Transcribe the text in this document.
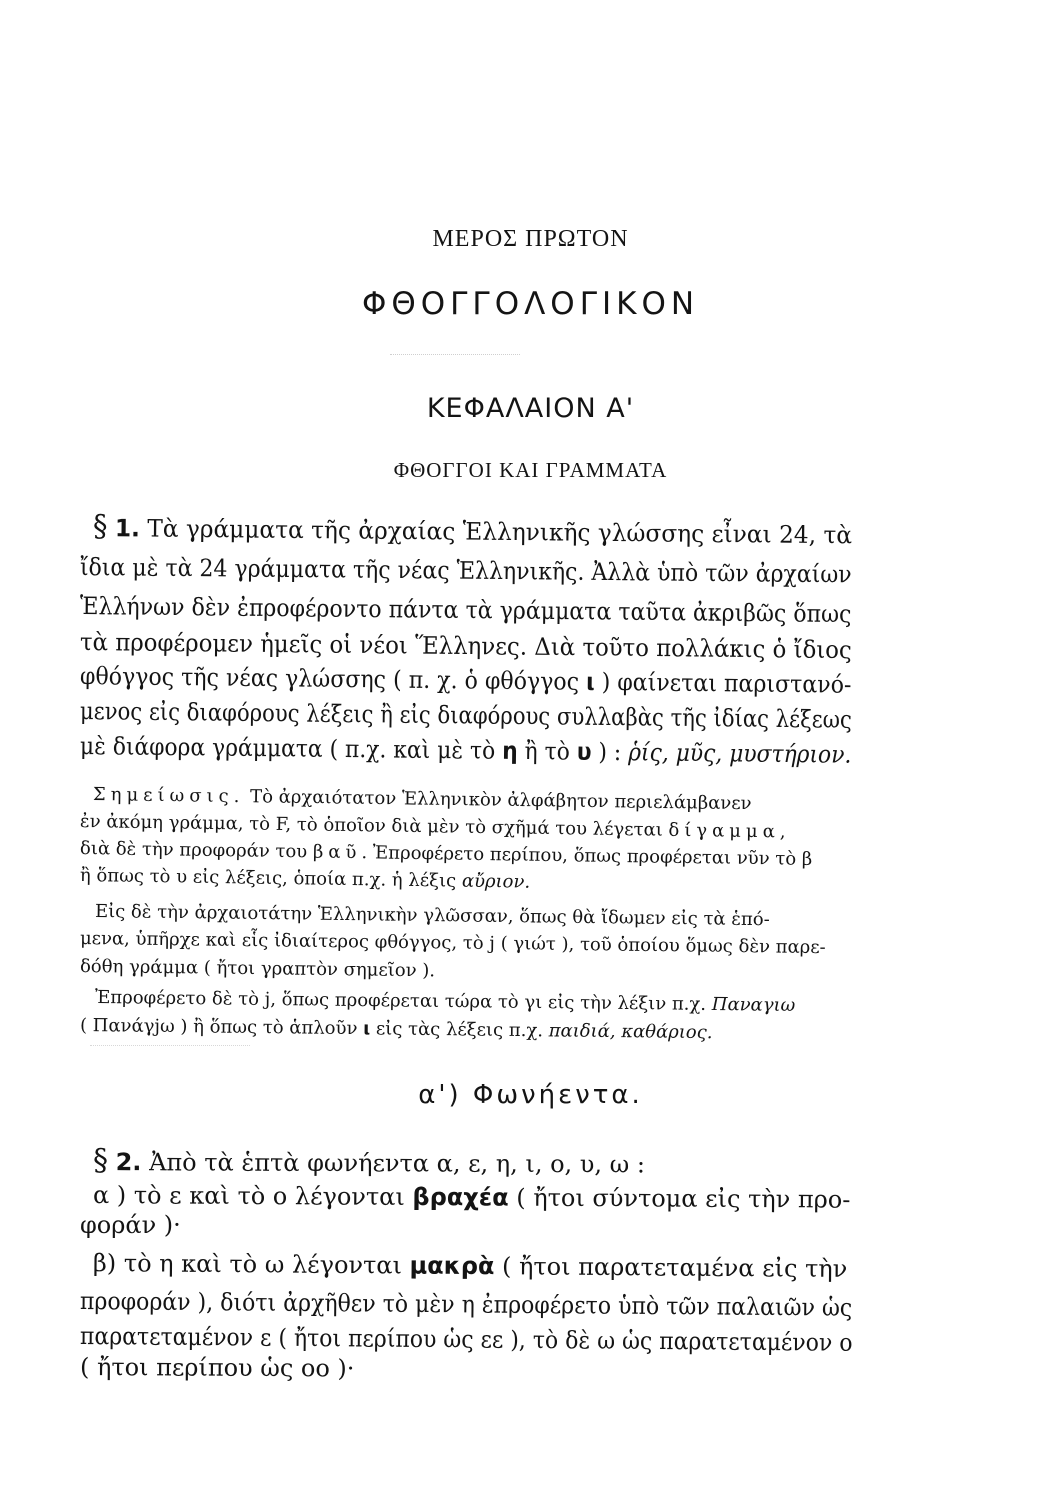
ΜΕΡΟΣ ΠΡΩΤΟΝ
ΦΘΟΓΓΟΛΟΓΙΚΟΝ
ΚΕΦΑΛΑΙΟΝ Α'
ΦΘΟΓΓΟΙ ΚΑΙ ΓΡΑΜΜΑΤΑ
§ 1. Τὰ γράμματα τῆς ἀρχαίας Ἑλληνικῆς γλώσσης εἶναι 24, τὰ
ἴδια μὲ τὰ 24 γράμματα τῆς νέας Ἑλληνικῆς. Ἀλλὰ ὑπὸ τῶν ἀρχαίων
Ἑλλήνων δὲν ἐπροφέροντο πάντα τὰ γράμματα ταῦτα ἀκριβῶς ὅπως
τὰ προφέρομεν ἡμεῖς οἱ νέοι Ἕλληνες. Διὰ τοῦτο πολλάκις ὁ ἴδιος
φθόγγος τῆς νέας γλώσσης ( π. χ. ὁ φθόγγος ι ) φαίνεται παριστανό-
μενος εἰς διαφόρους λέξεις ἢ εἰς διαφόρους συλλαβὰς τῆς ἰδίας λέξεως
μὲ διάφορα γράμματα ( π.χ. καὶ μὲ τὸ η ἢ τὸ υ ) : ῥίς, μῦς, μυστήριον.
Σημείωσις. Τὸ ἀρχαιότατον Ἑλληνικὸν ἀλφάβητον περιελάμβανεν
ἐν ἀκόμη γράμμα, τὸ F, τὸ ὁποῖον διὰ μὲν τὸ σχῆμά του λέγεται δίγαμμα,
διὰ δὲ τὴν προφοράν του βαῦ. Ἐπροφέρετο περίπου, ὅπως προφέρεται νῦν τὸ β
ἢ ὅπως τὸ υ εἰς λέξεις, ὁποία π.χ. ἡ λέξις αὔριον.
Εἰς δὲ τὴν ἀρχαιοτάτην Ἑλληνικὴν γλῶσσαν, ὅπως θὰ ἴδωμεν εἰς τὰ ἑπό-
μενα, ὑπῆρχε καὶ εἷς ἰδιαίτερος φθόγγος, τὸ j ( γιώτ ), τοῦ ὁποίου ὅμως δὲν παρε-
δόθη γράμμα ( ἤτοι γραπτὸν σημεῖον ).
Ἐπροφέρετο δὲ τὸ j, ὅπως προφέρεται τώρα τὸ γι εἰς τὴν λέξιν π.χ. Παναγιω
( Πανάγjω ) ἢ ὅπως τὸ ἁπλοῦν ι εἰς τὰς λέξεις π.χ. παιδιά, καθάριος.
α') Φωνήεντα.
§ 2. Ἀπὸ τὰ ἑπτὰ φωνήεντα α, ε, η, ι, ο, υ, ω :
α ) τὸ ε καὶ τὸ ο λέγονται βραχέα ( ἤτοι σύντομα εἰς τὴν προ-
φοράν )·
β) τὸ η καὶ τὸ ω λέγονται μακρὰ ( ἤτοι παρατεταμένα εἰς τὴν
προφοράν ), διότι ἀρχῆθεν τὸ μὲν η ἐπροφέρετο ὑπὸ τῶν παλαιῶν ὡς
παρατεταμένον ε ( ἤτοι περίπου ὡς εε ), τὸ δὲ ω ὡς παρατεταμένον ο
( ἤτοι περίπου ὡς οο )·
